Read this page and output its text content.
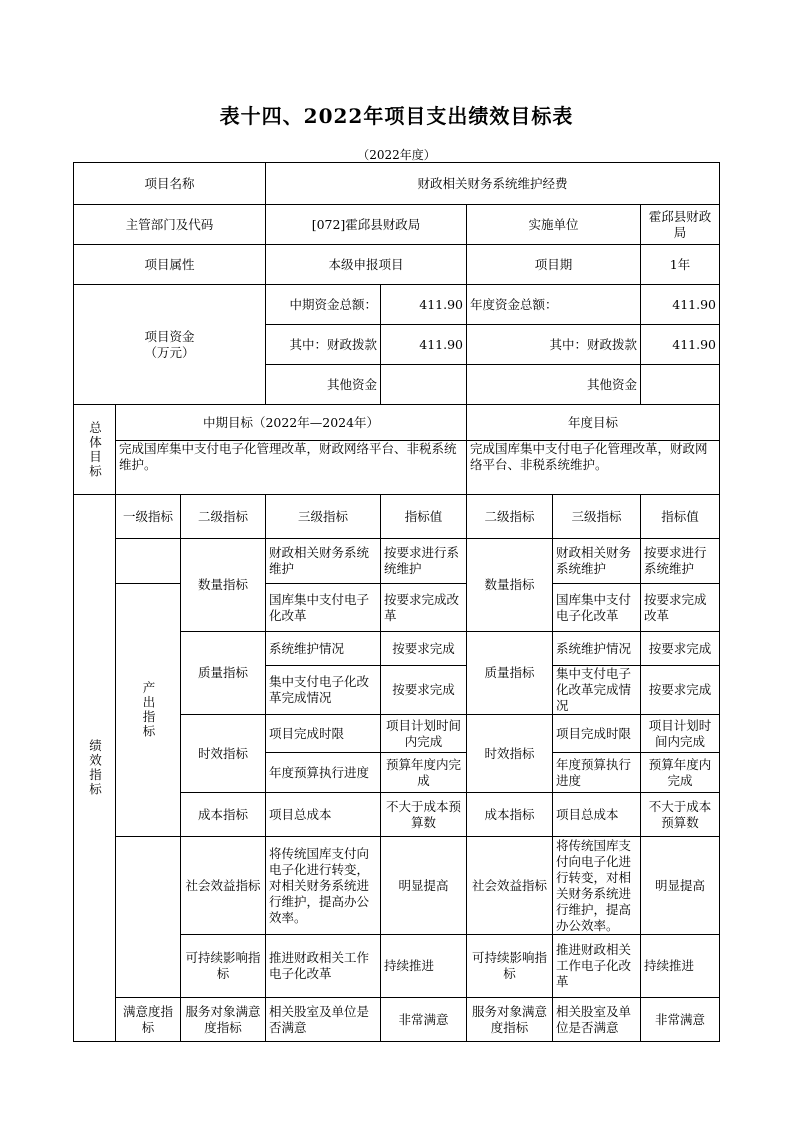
表十四、2022年项目支出绩效目标表
（2022年度）
项目名称			财政相关财务系统维护经费				
主管部门及代码			[072]霍邱县财政局		实施单位		霍邱县财政局
项目属性			本级申报项目		项目期		1年
项目资金
（万元）			中期资金总额：	411.90	年度资金总额：		411.90
			其中：财政拨款	411.90	其中：财政拨款		411.90
			其他资金		其他资金		
总体目标	中期目标（2022年—2024年）				年度目标		
	完成国库集中支付电子化管理改革，财政网络平台、非税系统维护。				完成国库集中支付电子化管理改革，财政网络平台、非税系统维护。		
绩效指标	一级指标	二级指标	三级指标	指标值	二级指标	三级指标	指标值
		数量指标	财政相关财务系统维护	按要求进行系统维护	数量指标	财政相关财务系统维护	按要求进行系统维护
	产出指标		国库集中支付电子化改革	按要求完成改革		国库集中支付电子化改革	按要求完成改革
		质量指标	系统维护情况	按要求完成	质量指标	系统维护情况	按要求完成
			集中支付电子化改革完成情况	按要求完成		集中支付电子化改革完成情况	按要求完成
		时效指标	项目完成时限	项目计划时间内完成	时效指标	项目完成时限	项目计划时间内完成
			年度预算执行进度	预算年度内完成		年度预算执行进度	预算年度内完成
		成本指标	项目总成本	不大于成本预算数	成本指标	项目总成本	不大于成本预算数
		社会效益指标	将传统国库支付向电子化进行转变，对相关财务系统进行维护，提高办公效率。	明显提高	社会效益指标	将传统国库支付向电子化进行转变，对相关财务系统进行维护，提高办公效率。	明显提高
		可持续影响指标	推进财政相关工作电子化改革	持续推进	可持续影响指标	推进财政相关工作电子化改革	持续推进
	满意度指标	服务对象满意度指标	相关股室及单位是否满意	非常满意	服务对象满意度指标	相关股室及单位是否满意	非常满意
